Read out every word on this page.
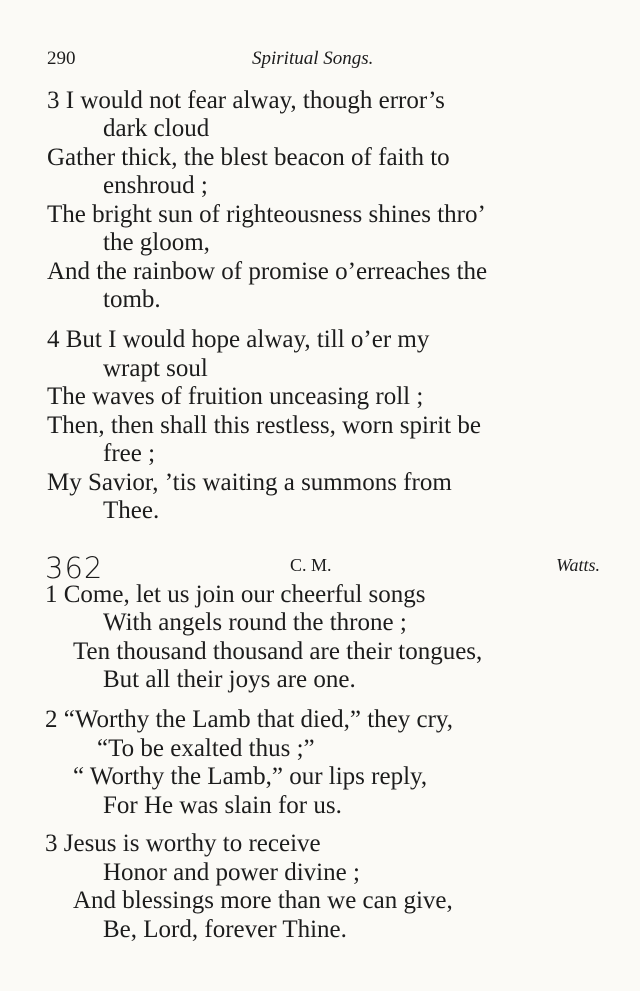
290	Spiritual Songs.
3 I would not fear alway, though error’s
dark cloud
Gather thick, the blest beacon of faith to
enshroud ;
The bright sun of righteousness shines thro’
the gloom,
And the rainbow of promise o’erreaches the
tomb.
4 But I would hope alway, till o’er my
wrapt soul
The waves of fruition unceasing roll ;
Then, then shall this restless, worn spirit be
free ;
My Savior, ’tis waiting a summons from
Thee.
362	C. M.	Watts.
1 Come, let us join our cheerful songs
With angels round the throne ;
Ten thousand thousand are their tongues,
But all their joys are one.
2 “Worthy the Lamb that died,” they cry,
“To be exalted thus ;”
“ Worthy the Lamb,” our lips reply,
For He was slain for us.
3 Jesus is worthy to receive
Honor and power divine ;
And blessings more than we can give,
Be, Lord, forever Thine.
